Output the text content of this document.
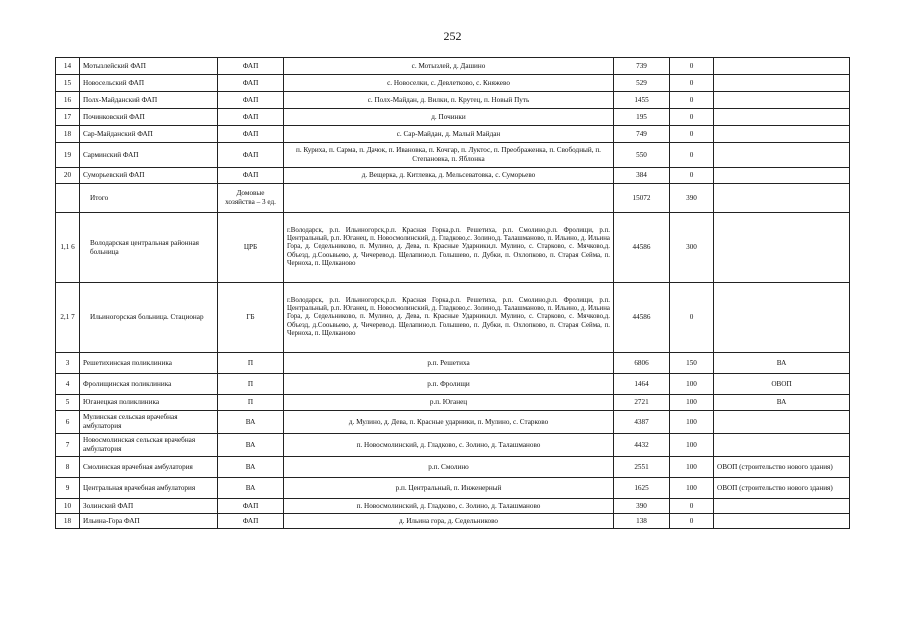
252
14	Мотызлейский ФАП	ФАП	с. Мотызлей, д. Дашино	739	0	
15	Новосельский ФАП	ФАП	с. Новоселки, с. Девлетково, с. Княжево	529	0	
16	Полх-Майданский ФАП	ФАП	с. Полх-Майдан, д. Вилки, п. Крутец, п. Новый Путь	1455	0	
17	Починковский ФАП	ФАП	д. Починки	195	0	
18	Сар-Майданский ФАП	ФАП	с. Сар-Майдан, д. Малый Майдан	749	0	
19	Сарминский ФАП	ФАП	п. Куриха, п. Сарма, п. Дачок, п. Ивановка, п. Кочгар, п. Луктос, п. Преображенка, п. Свободный, п. Степановка, п. Яблонка	550	0	
20	Суморьевский ФАП	ФАП	д. Вещерка, д. Китлевка, д. Мельсеватовка, с. Суморьево	384	0	
	Итого	Домовые хозяйства – 3 ед.		15072	390	
1,1 6	Володарская центральная районная больница	ЦРБ	г.Володарск, р.п. Ильиногорск,р.п. Красная Горка,р.п. Решетиха, р.п. Смолино,р.п. Фролищи, р.п. Центральный, р.п. Юганец, п. Новосмолинский, д. Гладково,с. Золино,д. Талашманово, п. Ильино, д. Ильина Гора, д. Седельниково, п. Мулино, д. Дева, п. Красные Ударники,п. Мулино, с. Старково, с. Мячково,д. Объезд, д.Сооьвьево, д. Чичерево,д. Щелапино,п. Голышево, п. Дубки, п. Охлопково, п. Старая Сейма, п. Черноха, п. Щелканово	44586	300	
2,1 7	Ильиногорская больница. Стационар	ГБ	г.Володарск, р.п. Ильиногорск,р.п. Красная Горка,р.п. Решетиха, р.п. Смолино,р.п. Фролищи, р.п. Центральный, р.п. Юганец, п. Новосмолинский, д. Гладково,с. Золино,д. Талашманово, п. Ильино, д. Ильина Гора, д. Седельниково, п. Мулино, д. Дева, п. Красные Ударники,п. Мулино, с. Старково, с. Мячково,д. Объезд, д.Сооьвьево, д. Чичерево,д. Щелапино,п. Голышево, п. Дубки, п. Охлопково, п. Старая Сейма, п. Черноха, п. Щелканово	44586	0	
3	Решетихинская поликлиника	П	р.п. Решетиха	6806	150	ВА
4	Фролищинская поликлиника	П	р.п. Фролищи	1464	100	ОВОП
5	Юганецкая поликлиника	П	р.п. Юганец	2721	100	ВА
6	Мулинская сельская врачебная амбулатория	ВА	д. Мулино, д. Дева, п. Красные ударники, п. Мулино, с. Старково	4387	100	
7	Новосмолинская сельская врачебная амбулатория	ВА	п. Новосмолинский, д. Гладково, с. Золино, д. Талашманово	4432	100	
8	Смолинская врачебная амбулатория	ВА	р.п. Смолино	2551	100	ОВОП (строительство нового здания)
9	Центральная врачебная амбулатория	ВА	р.п. Центральный, п. Инженерный	1625	100	ОВОП (строительство нового здания)
10	Золинский ФАП	ФАП	п. Новосмолинский, д. Гладково, с. Золино, д. Талашманово	390	0	
18	Ильина-Гора ФАП	ФАП	д. Ильина гора, д. Седельниково	138	0	
